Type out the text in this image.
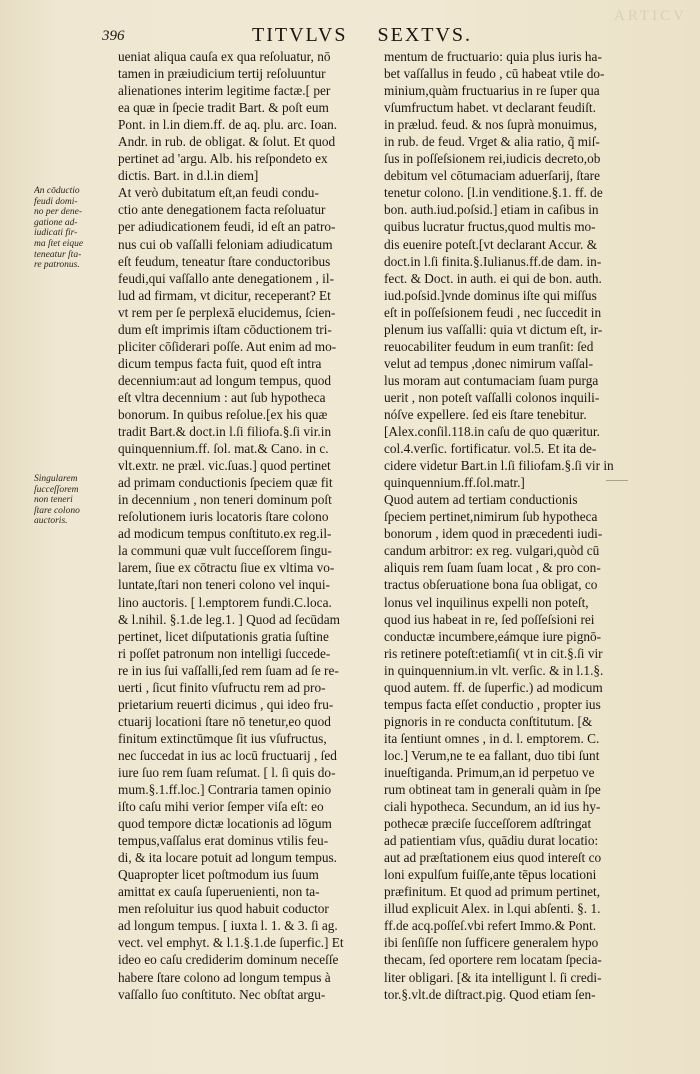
ARTICV
396	TITVLVS SEXTVS.
An cōductio
feudi domi-
no per dene-
gatione ad-
iudicati fir-
ma ſtet eique
teneatur ſta-
re patronus.
Singularem
ſucceſſorem
non teneri
ſtare colono
auctoris.
ueniat aliqua cauſa ex qua reſoluatur, nō
tamen in præiudicium tertij reſoluuntur
alienationes interim legitime factæ.[ per
ea quæ in ſpecie tradit Bart. & poſt eum
Pont. in l.in diem.ff. de aq. plu. arc. Ioan.
Andr. in rub. de obligat. & ſolut. Et quod
pertinet ad 'argu. Alb. his reſpondeto ex
dictis. Bart. in d.l.in diem]
At verò dubitatum eſt,an feudi condu-
ctio ante denegationem facta reſoluatur
per adiudicationem feudi, id eſt an patro-
nus cui ob vaſſalli feloniam adiudicatum
eſt feudum, teneatur ſtare conductoribus
feudi,qui vaſſallo ante denegationem , il-
lud ad firmam, vt dicitur, receperant? Et
vt rem per ſe perplexā elucidemus, ſcien-
dum eſt imprimis iſtam cōductionem tri-
pliciter cōſiderari poſſe. Aut enim ad mo-
dicum tempus facta fuit, quod eſt intra
decennium:aut ad longum tempus, quod
eſt vltra decennium : aut ſub hypotheca
bonorum. In quibus reſolue.[ex his quæ
tradit Bart.& doct.in l.ſi filiofa.§.ſi vir.in
quinquennium.ff. ſol. mat.& Cano. in c.
vlt.extr. ne præl. vic.ſuas.] quod pertinet
ad primam conductionis ſpeciem quæ fit
in decennium , non teneri dominum poſt
reſolutionem iuris locatoris ſtare colono
ad modicum tempus conſtituto.ex reg.il-
la communi quæ vult ſucceſſorem ſingu-
larem, ſiue ex cōtractu ſiue ex vltima vo-
luntate,ſtari non teneri colono vel inqui-
lino auctoris. [ l.emptorem fundi.C.loca.
& l.nihil. §.1.de leg.1. ] Quod ad ſecūdam
pertinet, licet diſputationis gratia ſuſtine
ri poſſet patronum non intelligi ſuccede-
re in ius ſui vaſſalli,ſed rem ſuam ad ſe re-
uerti , ſicut finito vſufructu rem ad pro-
prietarium reuerti dicimus , qui ideo fru-
ctuarij locationi ſtare nō tenetur,eo quod
finitum extinctūmque ſit ius vſufructus,
nec ſuccedat in ius ac locū fructuarij , ſed
iure ſuo rem ſuam reſumat. [ l. ſi quis do-
mum.§.1.ff.loc.] Contraria tamen opinio
iſto caſu mihi verior ſemper viſa eſt: eo
quod tempore dictæ locationis ad lōgum
tempus,vaſſalus erat dominus vtilis feu-
di, & ita locare potuit ad longum tempus.
Quapropter licet poſtmodum ius ſuum
amittat ex cauſa ſuperuenienti, non ta-
men reſoluitur ius quod habuit coductor
ad longum tempus. [ iuxta l. 1. & 3. ſi ag.
vect. vel emphyt. & l.1.§.1.de ſuperfic.] Et
ideo eo caſu crediderim dominum neceſſe
habere ſtare colono ad longum tempus à
vaſſallo ſuo conſtituto. Nec obſtat argu-
mentum de fructuario: quia plus iuris ha-
bet vaſſallus in feudo , cū habeat vtile do-
minium,quàm fructuarius in re ſuper qua
vſumfructum habet. vt declarant feudiſt.
in prælud. feud. & nos ſuprà monuimus,
in rub. de feud. Vrget & alia ratio, q̃ miſ-
ſus in poſſeſsionem rei,iudicis decreto,ob
debitum vel cōtumaciam aduerſarij, ſtare
tenetur colono. [l.in venditione.§.1. ff. de
bon. auth.iud.poſsid.] etiam in caſibus in
quibus lucratur fructus,quod multis mo-
dis euenire poteſt.[vt declarant Accur. &
doct.in l.ſi finita.§.Iulianus.ff.de dam. in-
fect. & Doct. in auth. ei qui de bon. auth.
iud.poſsid.]vnde dominus iſte qui miſſus
eſt in poſſeſsionem feudi , nec ſuccedit in
plenum ius vaſſalli: quia vt dictum eſt, ir-
reuocabiliter feudum in eum tranſit: ſed
velut ad tempus ,donec nimirum vaſſal-
lus moram aut contumaciam ſuam purga
uerit , non poteſt vaſſalli colonos inquili-
nóſve expellere. ſed eis ſtare tenebitur.
[Alex.conſil.118.in caſu de quo quæritur.
col.4.verſic. fortificatur. vol.5. Et ita de-
cidere videtur Bart.in l.ſi filiofam.§.ſi vir in
quinquennium.ff.ſol.matr.]
Quod autem ad tertiam conductionis
ſpeciem pertinet,nimirum ſub hypotheca
bonorum , idem quod in præcedenti iudi-
candum arbitror: ex reg. vulgari,quòd cū
aliquis rem ſuam ſuam locat , & pro con-
tractus obſeruatione bona ſua obligat, co
lonus vel inquilinus expelli non poteſt,
quod ius habeat in re, ſed poſſeſsioni rei
conductæ incumbere,eámque iure pignō-
ris retinere poteſt:etiamſi( vt in cit.§.ſi vir
in quinquennium.in vlt. verſic. & in l.1.§.
quod autem. ff. de ſuperfic.) ad modicum
tempus facta eſſet conductio , propter ius
pignoris in re conducta conſtitutum. [&
ita ſentiunt omnes , in d. l. emptorem. C.
loc.] Verum,ne te ea fallant, duo tibi ſunt
inueſtiganda. Primum,an id perpetuo ve
rum obtineat tam in generali quàm in ſpe
ciali hypotheca. Secundum, an id ius hy-
pothecæ præciſe ſucceſſorem adſtringat
ad patientiam vſus, quādiu durat locatio:
aut ad præſtationem eius quod intereſt co
loni expulſum fuiſſe,ante tēpus locationi
præfinitum. Et quod ad primum pertinet,
illud explicuit Alex. in l.qui abſenti. §. 1.
ff.de acq.poſſeſ.vbi refert Immo.& Pont.
ibi ſenſiſſe non ſufficere generalem hypo
thecam, ſed oportere rem locatam ſpecia-
liter obligari. [& ita intelligunt l. ſi credi-
tor.§.vlt.de diſtract.pig. Quod etiam ſen-
